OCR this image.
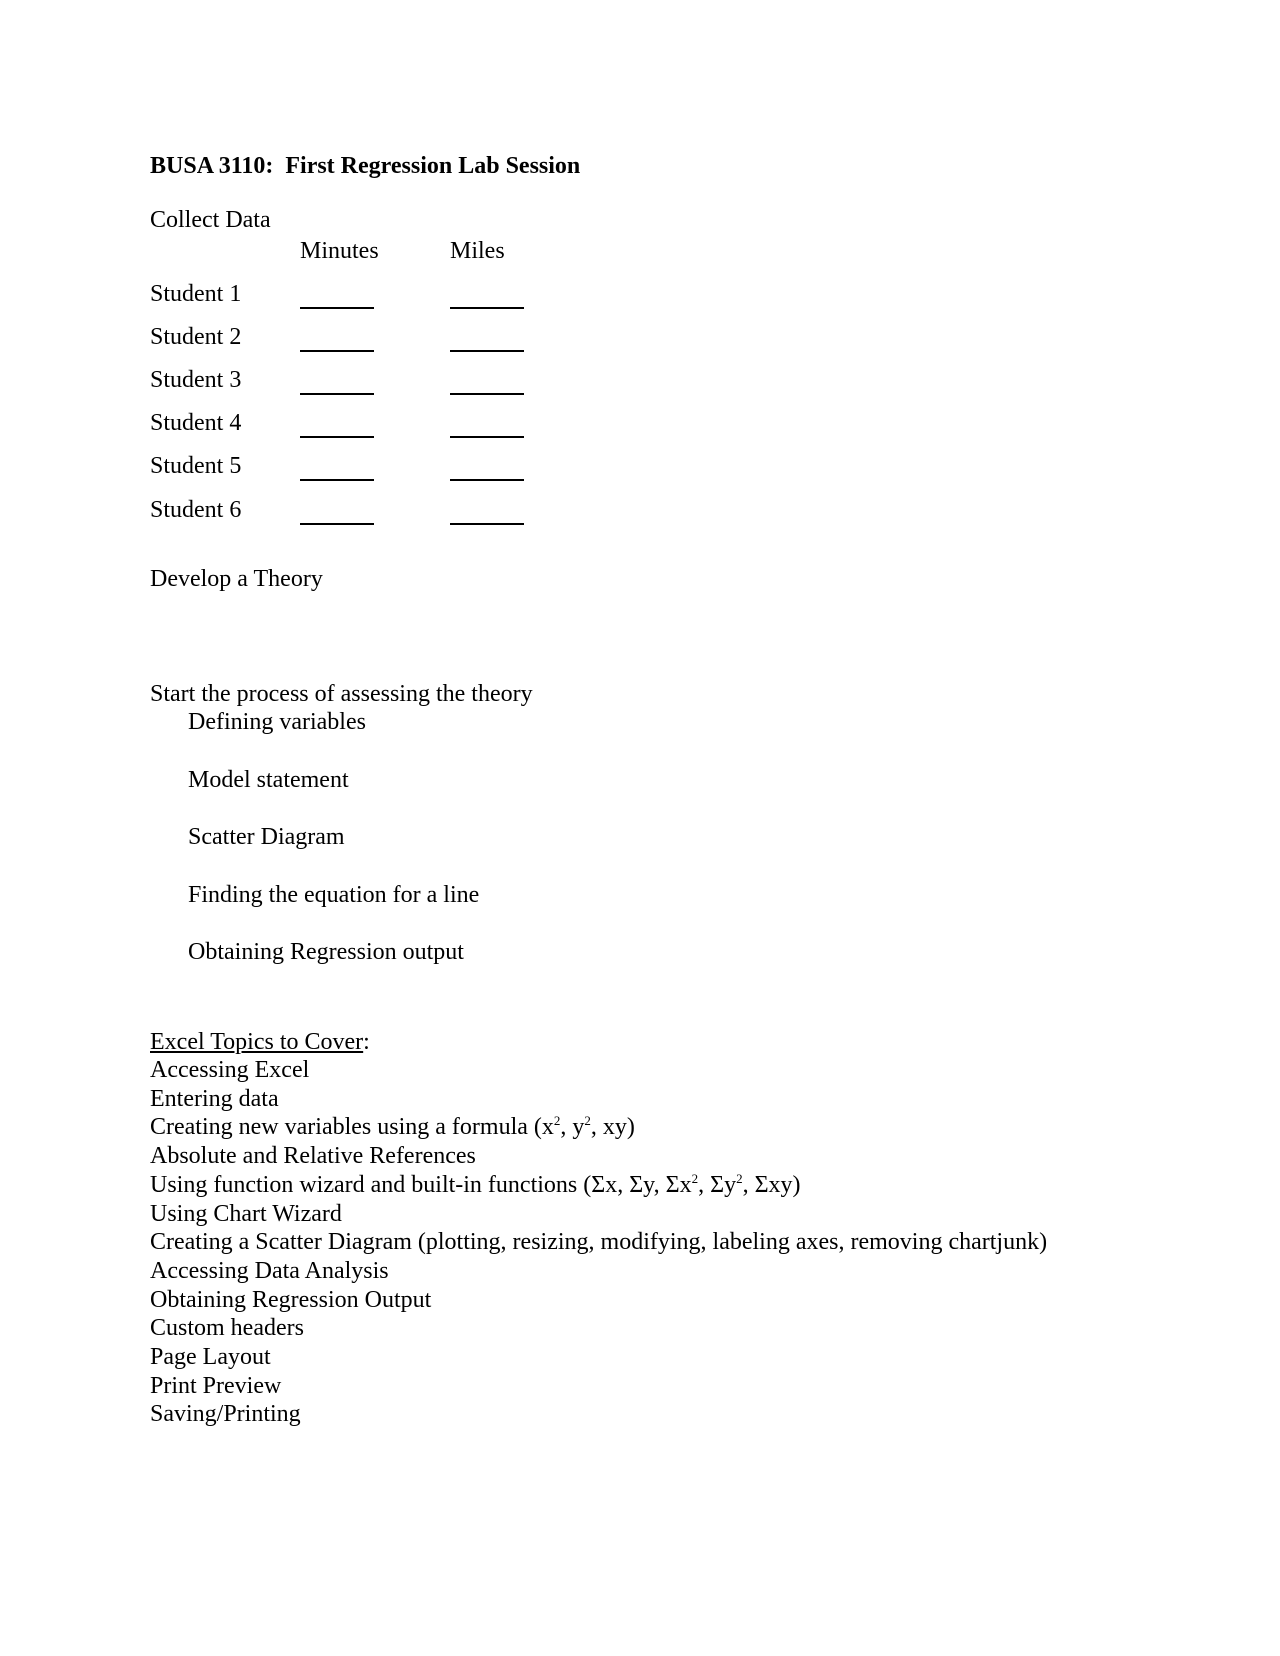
BUSA 3110:  First Regression Lab Session
Collect Data
Minutes	Miles
Student 1
Student 2
Student 3
Student 4
Student 5
Student 6
Develop a Theory
Start the process of assessing the theory
Defining variables
Model statement
Scatter Diagram
Finding the equation for a line
Obtaining Regression output
Excel Topics to Cover:
Accessing Excel
Entering data
Creating new variables using a formula ($x^2$, $y^2$, xy)
Absolute and Relative References
Using function wizard and built-in functions (Σx, Σy, $\Sigma x^2$, $\Sigma y^2$, Σxy)
Using Chart Wizard
Creating a Scatter Diagram (plotting, resizing, modifying, labeling axes, removing chartjunk)
Accessing Data Analysis
Obtaining Regression Output
Custom headers
Page Layout
Print Preview
Saving/Printing
